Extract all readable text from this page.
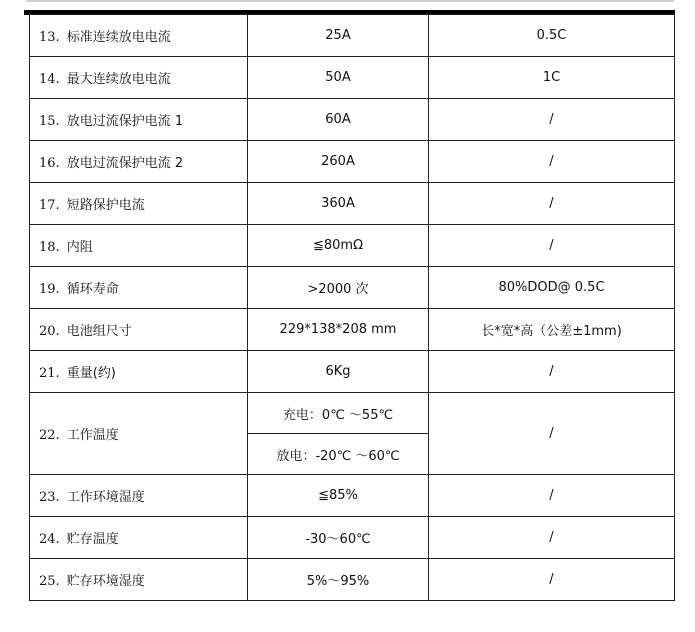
13. 标准连续放电电流	25A	0.5C
14. 最大连续放电电流	50A	1C
15. 放电过流保护电流 1	60A	/
16. 放电过流保护电流 2	260A	/
17. 短路保护电流	360A	/
18. 内阻	≦80mΩ	/
19. 循环寿命	>2000 次	80%DOD@ 0.5C
20. 电池组尺寸	229*138*208 mm	长*宽*高（公差±1mm)
21. 重量(约)	6Kg	/
22. 工作温度	充电：0℃ ～55℃	/
	放电：-20℃ ～60℃	
23. 工作环境湿度	≦85%	/
24. 贮存温度	-30～60℃	/
25. 贮存环境湿度	5%～95%	/
